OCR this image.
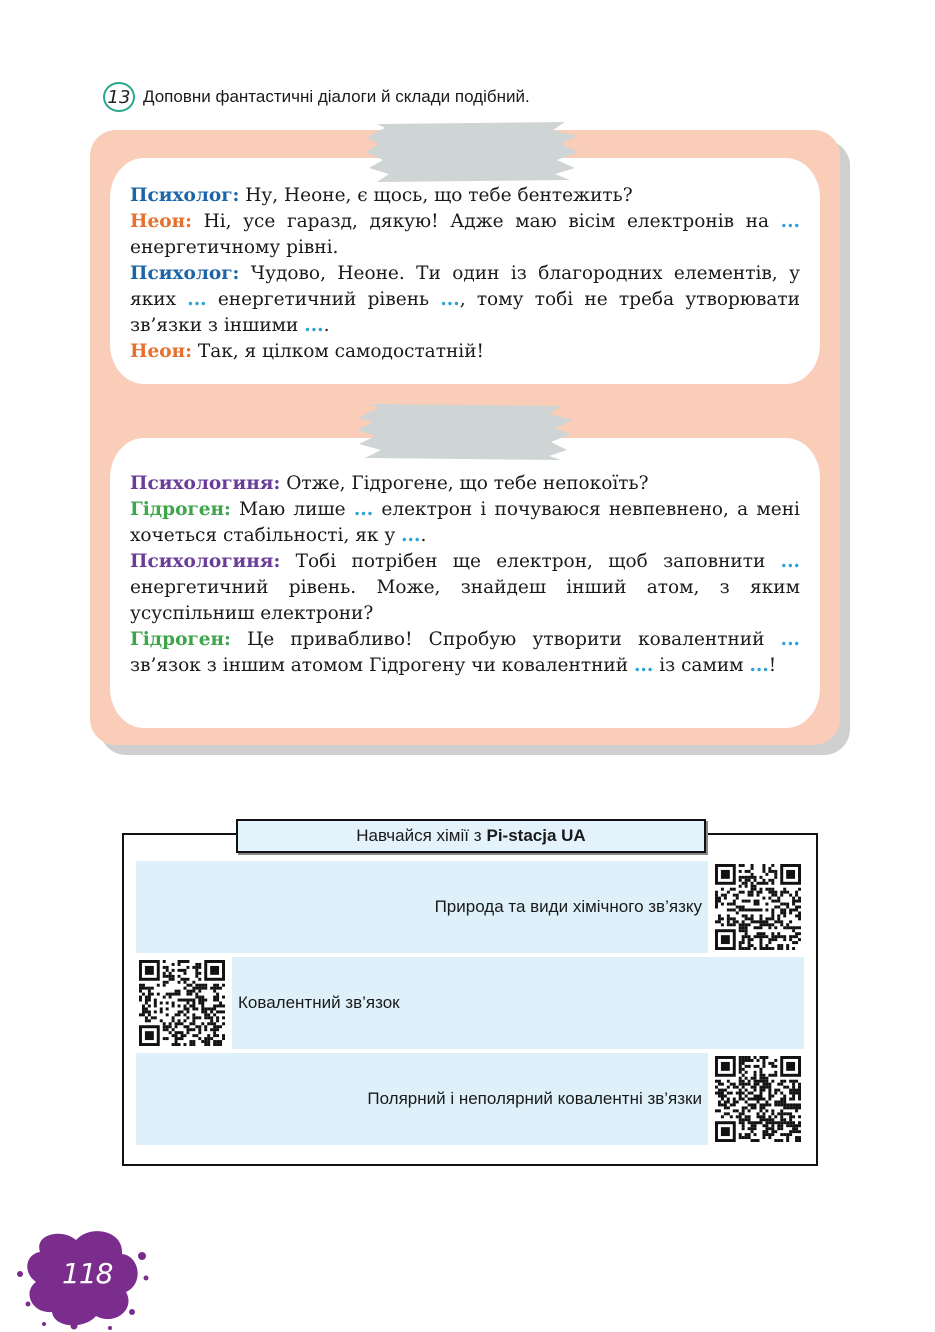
13 Доповни фантастичні діалоги й склади подібний.

Психолог: Ну, Неоне, є щось, що тебе бентежить?

Неон: Ні, усе гаразд, дякую! Адже маю вісім електронів на ... енергетичному рівні.

Психолог: Чудово, Неоне. Ти один із благородних елементів, у яких ... енергетичний рівень ..., тому тобі не треба утворювати зв’язки з іншими ....

Неон: Так, я цілком самодостатній!

Психологиня: Отже, Гідрогене, що тебе непокоїть?

Гідроген: Маю лише ... електрон і почуваюся невпевнено, а мені хочеться стабільності, як у ....

Психологиня: Тобі потрібен ще електрон, щоб заповнити ... енергетичний рівень. Може, знайдеш інший атом, з яким усуспільниш електрони?

Гідроген: Це привабливо! Спробую утворити ковалентний ... зв’язок з іншим атомом Гідрогену чи ковалентний ... із самим ...!

Навчайся хімії з Pi-stacja UA
Природа та види хімічного зв’язку
Ковалентний зв’язок
Полярний і неполярний ковалентні зв’язки
118
